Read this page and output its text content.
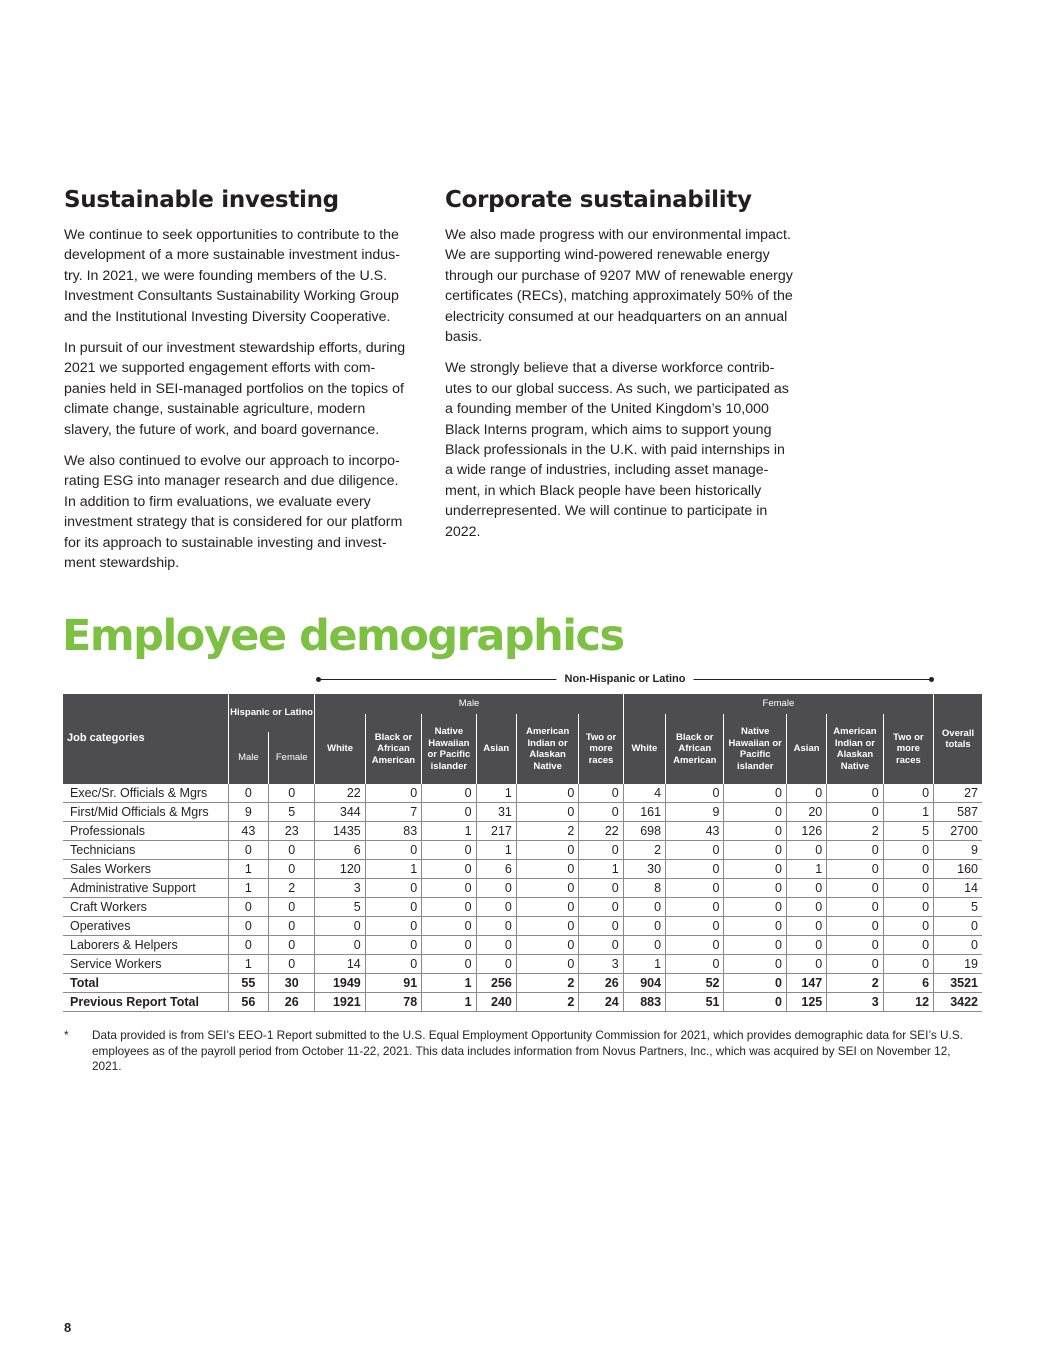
Sustainable investing

We continue to seek opportunities to contribute to the development of a more sustainable investment industry. In 2021, we were founding members of the U.S. Investment Consultants Sustainability Working Group and the Institutional Investing Diversity Cooperative.

In pursuit of our investment stewardship efforts, during 2021 we supported engagement efforts with companies held in SEI-managed portfolios on the topics of climate change, sustainable agriculture, modern slavery, the future of work, and board governance.

We also continued to evolve our approach to incorporating ESG into manager research and due diligence. In addition to firm evaluations, we evaluate every investment strategy that is considered for our platform for its approach to sustainable investing and investment stewardship.

Corporate sustainability

We also made progress with our environmental impact. We are supporting wind-powered renewable energy through our purchase of 9207 MW of renewable energy certificates (RECs), matching approximately 50% of the electricity consumed at our headquarters on an annual basis.

We strongly believe that a diverse workforce contributes to our global success. As such, we participated as a founding member of the United Kingdom’s 10,000 Black Interns program, which aims to support young Black professionals in the U.K. with paid internships in a wide range of industries, including asset management, in which Black people have been historically underrepresented. We will continue to participate in 2022.

Employee demographics
Non-Hispanic or Latino
Job categories	Hispanic or Latino		Male						Female						Overall totals
			White	Black or African American	Native Hawaiian or Pacific islander	Asian	American Indian or Alaskan Native	Two or more races	White	Black or African American	Native Hawaiian or Pacific islander	Asian	American Indian or Alaskan Native	Two or more races	
	Male	Female													
Exec/Sr. Officials & Mgrs	0	0	22	0	0	1	0	0	4	0	0	0	0	0	27
First/Mid Officials & Mgrs	9	5	344	7	0	31	0	0	161	9	0	20	0	1	587
Professionals	43	23	1435	83	1	217	2	22	698	43	0	126	2	5	2700
Technicians	0	0	6	0	0	1	0	0	2	0	0	0	0	0	9
Sales Workers	1	0	120	1	0	6	0	1	30	0	0	1	0	0	160
Administrative Support	1	2	3	0	0	0	0	0	8	0	0	0	0	0	14
Craft Workers	0	0	5	0	0	0	0	0	0	0	0	0	0	0	5
Operatives	0	0	0	0	0	0	0	0	0	0	0	0	0	0	0
Laborers & Helpers	0	0	0	0	0	0	0	0	0	0	0	0	0	0	0
Service Workers	1	0	14	0	0	0	0	3	1	0	0	0	0	0	19
Total	55	30	1949	91	1	256	2	26	904	52	0	147	2	6	3521
Previous Report Total	56	26	1921	78	1	240	2	24	883	51	0	125	3	12	3422
* Data provided is from SEI’s EEO-1 Report submitted to the U.S. Equal Employment Opportunity Commission for 2021, which provides demographic data for SEI’s U.S. employees as of the payroll period from October 11-22, 2021. This data includes information from Novus Partners, Inc., which was acquired by SEI on November 12, 2021.
8
